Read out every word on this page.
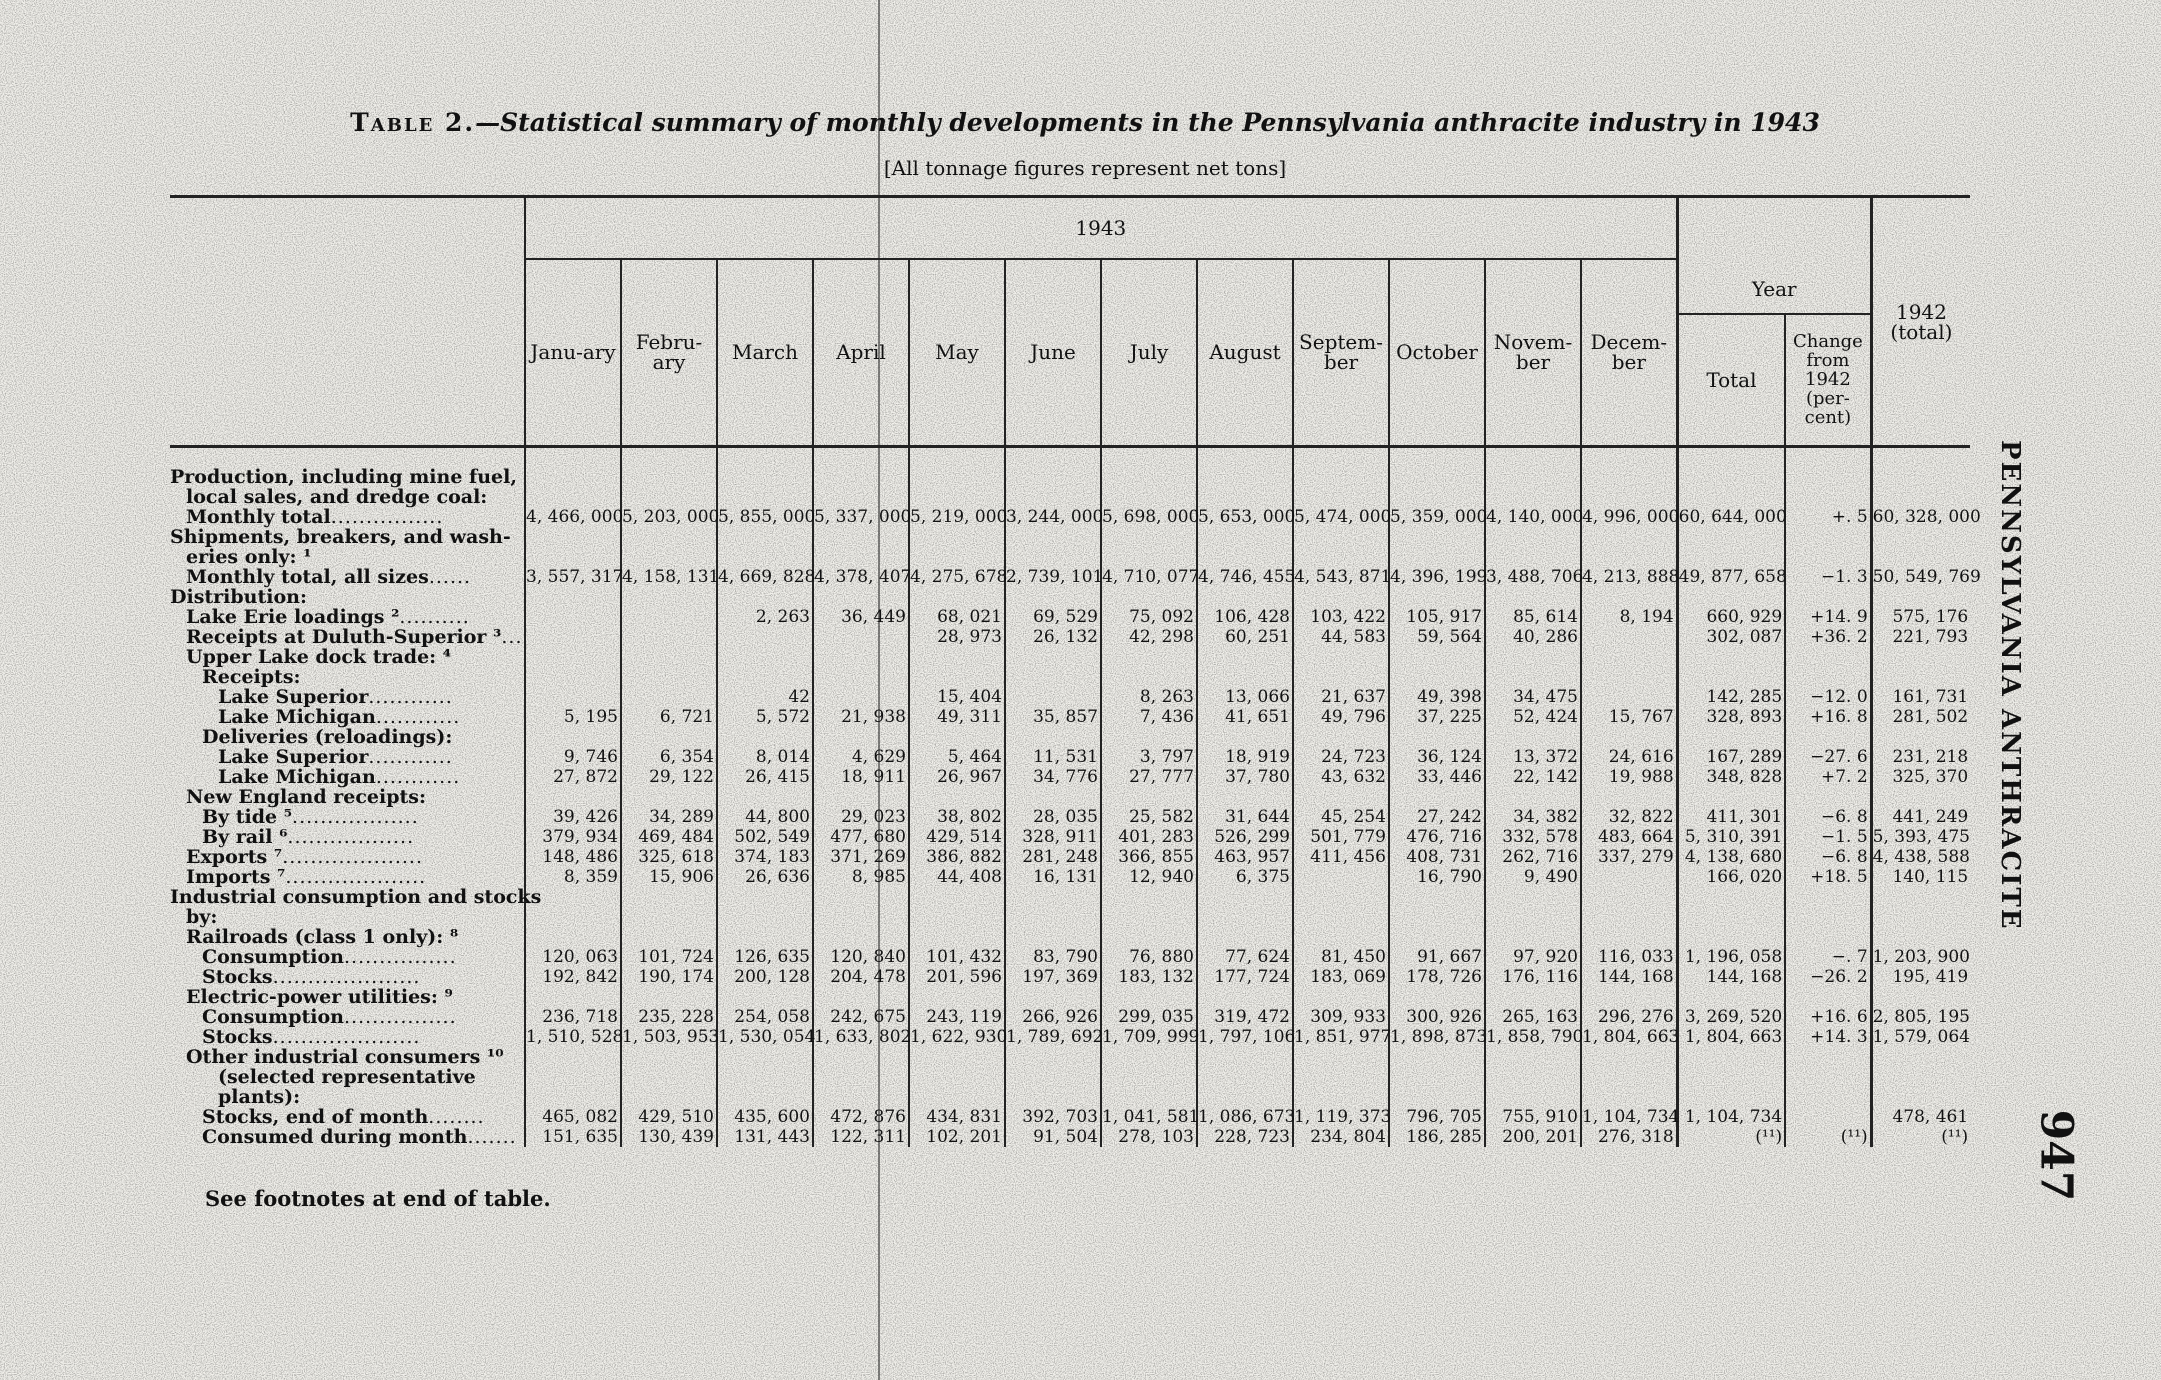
Table 2.—Statistical summary of monthly developments in the Pennsylvania anthracite industry in 1943
[All tonnage figures represent net tons]
	1943												Year		1942 (total)
	Janu-ary	Febru-ary	March	April	May	June	July	August	Septem-ber	October	Novem-ber	Decem-ber			
													Total	Change from 1942 (per-cent)	

Production, including mine fuel,															
local sales, and dredge coal:															
Monthly total................	4, 466, 000	5, 203, 000	5, 855, 000	5, 337, 000	5, 219, 000	3, 244, 000	5, 698, 000	5, 653, 000	5, 474, 000	5, 359, 000	4, 140, 000	4, 996, 000	60, 644, 000	+. 5	60, 328, 000
Shipments, breakers, and wash-															
eries only: ¹															
Monthly total, all sizes......	3, 557, 317	4, 158, 131	4, 669, 828	4, 378, 407	4, 275, 678	2, 739, 101	4, 710, 077	4, 746, 455	4, 543, 871	4, 396, 199	3, 488, 706	4, 213, 888	49, 877, 658	−1. 3	50, 549, 769
Distribution:															
Lake Erie loadings ²..........			2, 263	36, 449	68, 021	69, 529	75, 092	106, 428	103, 422	105, 917	85, 614	8, 194	660, 929	+14. 9	575, 176
Receipts at Duluth-Superior ³...					28, 973	26, 132	42, 298	60, 251	44, 583	59, 564	40, 286		302, 087	+36. 2	221, 793
Upper Lake dock trade: ⁴															
Receipts:															
Lake Superior............			42		15, 404		8, 263	13, 066	21, 637	49, 398	34, 475		142, 285	−12. 0	161, 731
Lake Michigan............	5, 195	6, 721	5, 572	21, 938	49, 311	35, 857	7, 436	41, 651	49, 796	37, 225	52, 424	15, 767	328, 893	+16. 8	281, 502
Deliveries (reloadings):															
Lake Superior............	9, 746	6, 354	8, 014	4, 629	5, 464	11, 531	3, 797	18, 919	24, 723	36, 124	13, 372	24, 616	167, 289	−27. 6	231, 218
Lake Michigan............	27, 872	29, 122	26, 415	18, 911	26, 967	34, 776	27, 777	37, 780	43, 632	33, 446	22, 142	19, 988	348, 828	+7. 2	325, 370
New England receipts:															
By tide ⁵..................	39, 426	34, 289	44, 800	29, 023	38, 802	28, 035	25, 582	31, 644	45, 254	27, 242	34, 382	32, 822	411, 301	−6. 8	441, 249
By rail ⁶..................	379, 934	469, 484	502, 549	477, 680	429, 514	328, 911	401, 283	526, 299	501, 779	476, 716	332, 578	483, 664	5, 310, 391	−1. 5	5, 393, 475
Exports ⁷....................	148, 486	325, 618	374, 183	371, 269	386, 882	281, 248	366, 855	463, 957	411, 456	408, 731	262, 716	337, 279	4, 138, 680	−6. 8	4, 438, 588
Imports ⁷....................	8, 359	15, 906	26, 636	8, 985	44, 408	16, 131	12, 940	6, 375		16, 790	9, 490		166, 020	+18. 5	140, 115
Industrial consumption and stocks															
by:															
Railroads (class 1 only): ⁸															
Consumption................	120, 063	101, 724	126, 635	120, 840	101, 432	83, 790	76, 880	77, 624	81, 450	91, 667	97, 920	116, 033	1, 196, 058	−. 7	1, 203, 900
Stocks.....................	192, 842	190, 174	200, 128	204, 478	201, 596	197, 369	183, 132	177, 724	183, 069	178, 726	176, 116	144, 168	144, 168	−26. 2	195, 419
Electric-power utilities: ⁹															
Consumption................	236, 718	235, 228	254, 058	242, 675	243, 119	266, 926	299, 035	319, 472	309, 933	300, 926	265, 163	296, 276	3, 269, 520	+16. 6	2, 805, 195
Stocks.....................	1, 510, 528	1, 503, 953	1, 530, 054	1, 633, 802	1, 622, 930	1, 789, 692	1, 709, 999	1, 797, 106	1, 851, 977	1, 898, 873	1, 858, 790	1, 804, 663	1, 804, 663	+14. 3	1, 579, 064
Other industrial consumers ¹⁰															
(selected representative															
plants):															
Stocks, end of month........	465, 082	429, 510	435, 600	472, 876	434, 831	392, 703	1, 041, 581	1, 086, 673	1, 119, 373	796, 705	755, 910	1, 104, 734	1, 104, 734		478, 461
Consumed during month.......	151, 635	130, 439	131, 443	122, 311	102, 201	91, 504	278, 103	228, 723	234, 804	186, 285	200, 201	276, 318	(¹¹)	(¹¹)	(¹¹)
PENNSYLVANIA ANTHRACITE
947
See footnotes at end of table.
